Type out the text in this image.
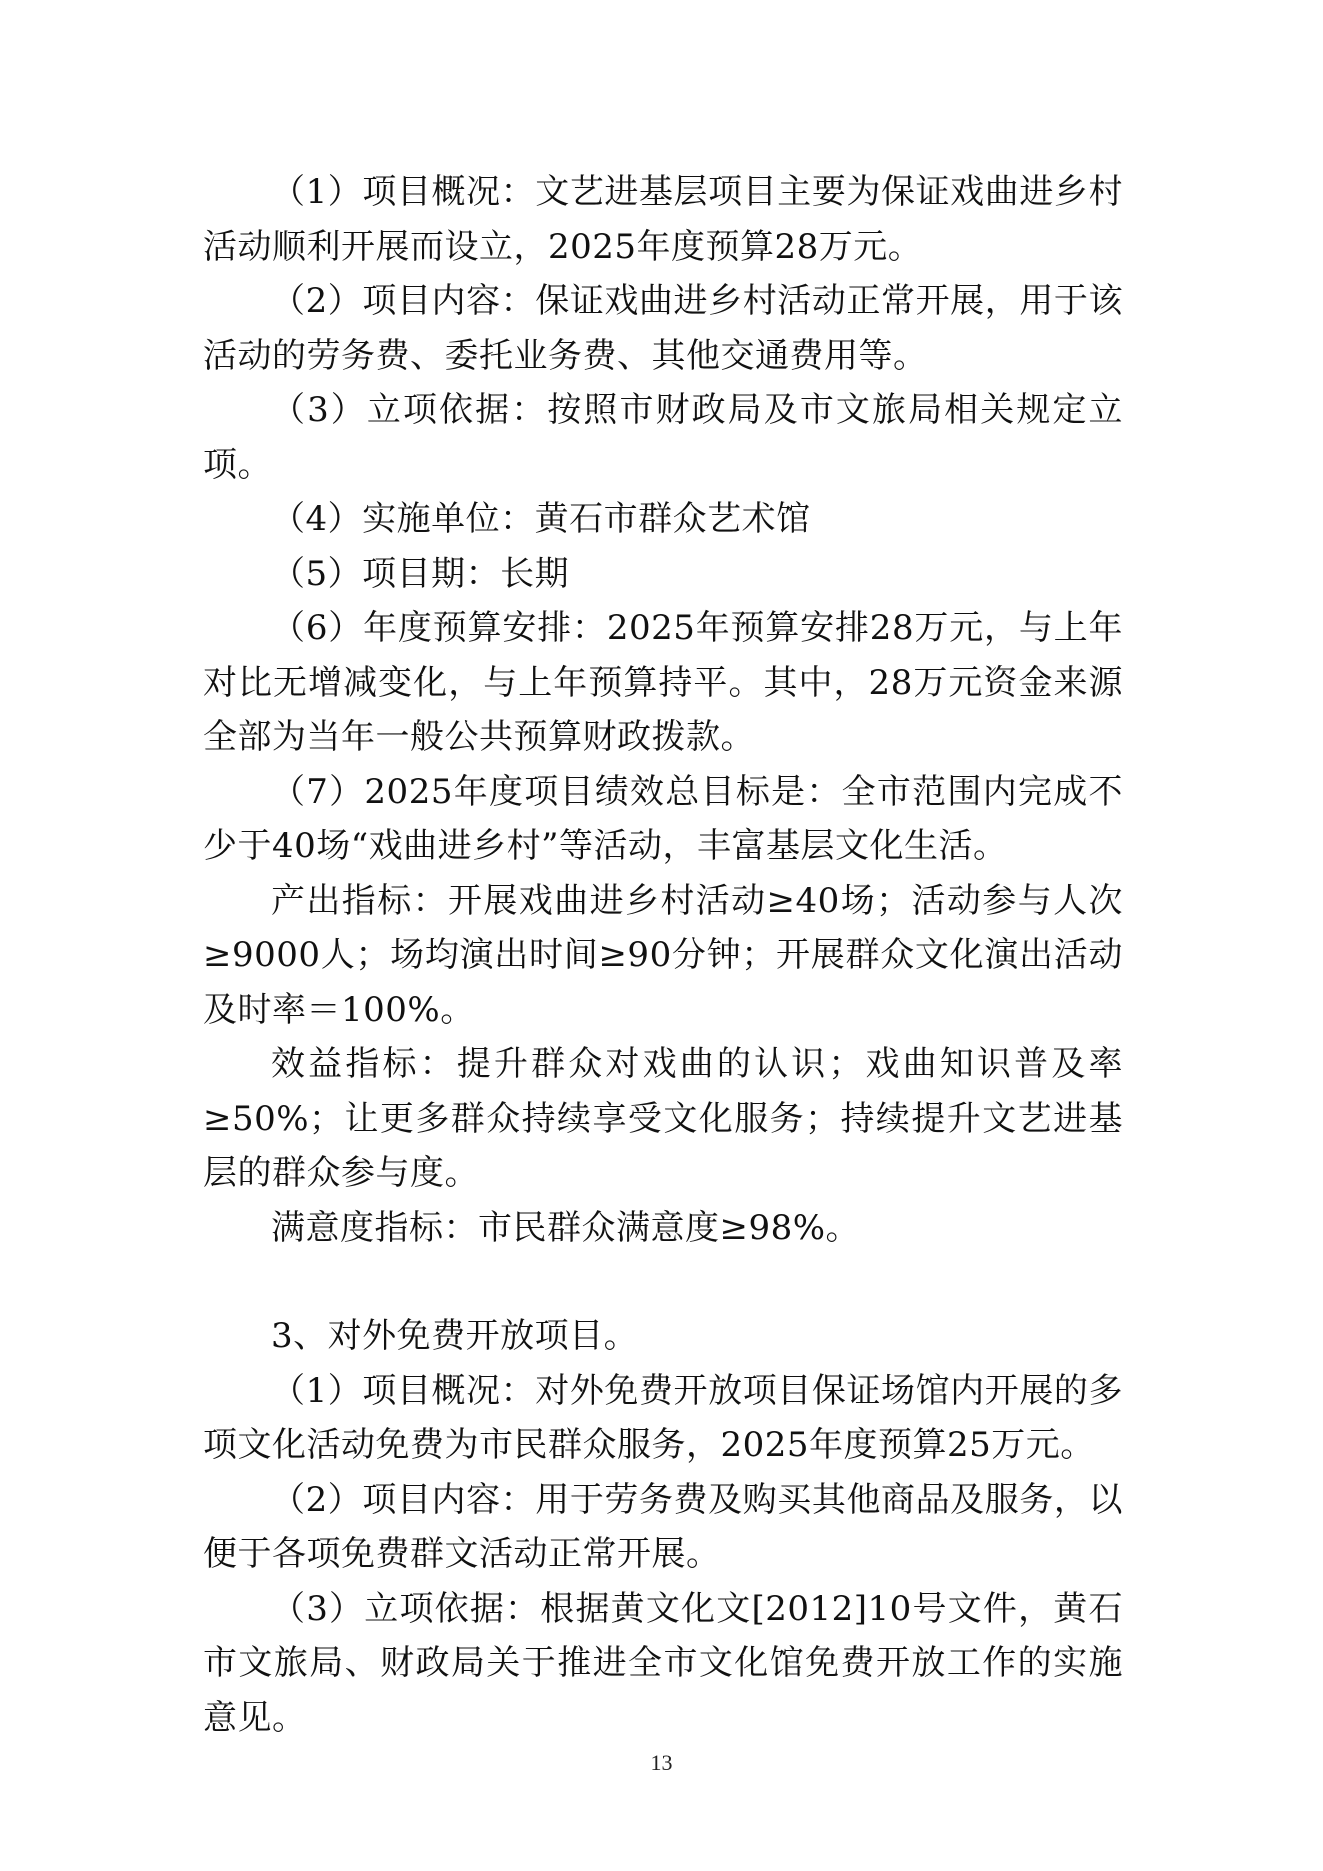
（1）项目概况：文艺进基层项目主要为保证戏曲进乡村活动顺利开展而设立，2025年度预算28万元。

（2）项目内容：保证戏曲进乡村活动正常开展，用于该活动的劳务费、委托业务费、其他交通费用等。

（3）立项依据：按照市财政局及市文旅局相关规定立项。

（4）实施单位：黄石市群众艺术馆

（5）项目期：长期

（6）年度预算安排：2025年预算安排28万元，与上年对比无增减变化，与上年预算持平。其中，28万元资金来源全部为当年一般公共预算财政拨款。

（7）2025年度项目绩效总目标是：全市范围内完成不少于40场“戏曲进乡村”等活动，丰富基层文化生活。

产出指标：开展戏曲进乡村活动≥40场；活动参与人次≥9000人；场均演出时间≥90分钟；开展群众文化演出活动及时率＝100%。

效益指标：提升群众对戏曲的认识；戏曲知识普及率≥50%；让更多群众持续享受文化服务；持续提升文艺进基层的群众参与度。

满意度指标：市民群众满意度≥98%。

3、对外免费开放项目。

（1）项目概况：对外免费开放项目保证场馆内开展的多项文化活动免费为市民群众服务，2025年度预算25万元。

（2）项目内容：用于劳务费及购买其他商品及服务，以便于各项免费群文活动正常开展。

（3）立项依据：根据黄文化文[2012]10号文件，黄石市文旅局、财政局关于推进全市文化馆免费开放工作的实施意见。

13
